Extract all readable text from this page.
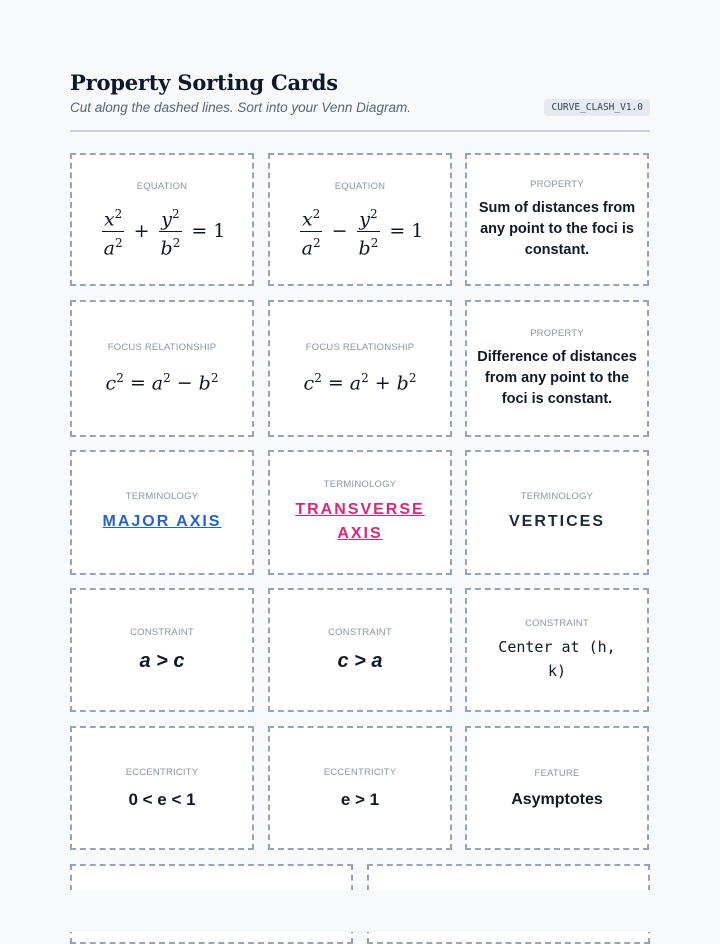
Property Sorting Cards
Cut along the dashed lines. Sort into your Venn Diagram.	CURVE_CLASH_V1.0
EQUATION
$\frac{x^2}{a^2} + \frac{y^2}{b^2} = 1$
EQUATION
$\frac{x^2}{a^2} - \frac{y^2}{b^2} = 1$
PROPERTY
Sum of distances from any point to the foci is constant.
FOCUS RELATIONSHIP
$c^2 = a^2 - b^2$
FOCUS RELATIONSHIP
$c^2 = a^2 + b^2$
PROPERTY
Difference of distances from any point to the foci is constant.
TERMINOLOGY
MAJOR AXIS
TERMINOLOGY
TRANSVERSE AXIS
TERMINOLOGY
VERTICES
CONSTRAINT
a > c
CONSTRAINT
c > a
CONSTRAINT
Center at (h, k)
ECCENTRICITY
0 < e < 1
ECCENTRICITY
e > 1
FEATURE
Asymptotes
